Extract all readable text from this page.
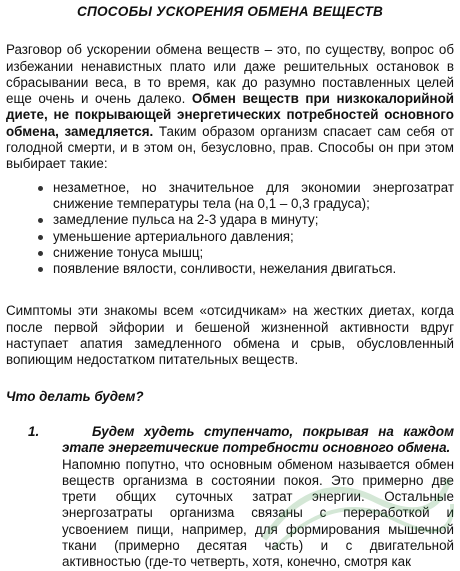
СПОСОБЫ УСКОРЕНИЯ ОБМЕНА ВЕЩЕСТВ

Разговор об ускорении обмена веществ – это, по существу, вопрос об избежании ненавистных плато или даже решительных остановок в сбрасывании веса, в то время, как до разумно поставленных целей еще очень и очень далеко. Обмен веществ при низкокалорийной диете, не покрывающей энергетических потребностей основного обмена, замедляется. Таким образом организм спасает сам себя от голодной смерти, и в этом он, безусловно, прав. Способы он при этом выбирает такие:

незаметное, но значительное для экономии энергозатрат снижение температуры тела (на 0,1 – 0,3 градуса);
замедление пульса на 2-3 удара в минуту;
уменьшение артериального давления;
снижение тонуса мышц;
появление вялости, сонливости, нежелания двигаться.

Симптомы эти знакомы всем «отсидчикам» на жестких диетах, когда после первой эйфории и бешеной жизненной активности вдруг наступает апатия замедленного обмена и срыв, обусловленный вопиющим недостатком питательных веществ.

Что делать будем?

1.	Будем худеть ступенчато, покрывая на каждом этапе энергетические потребности основного обмена.
Напомню попутно, что основным обменом называется обмен веществ организма в состоянии покоя. Это примерно две трети общих суточных затрат энергии. Остальные энергозатраты организма связаны с переработкой и усвоением пищи, например, для формирования мышечной ткани (примерно десятая часть) и с двигательной активностью (где-то четверть, хотя, конечно, смотря как
